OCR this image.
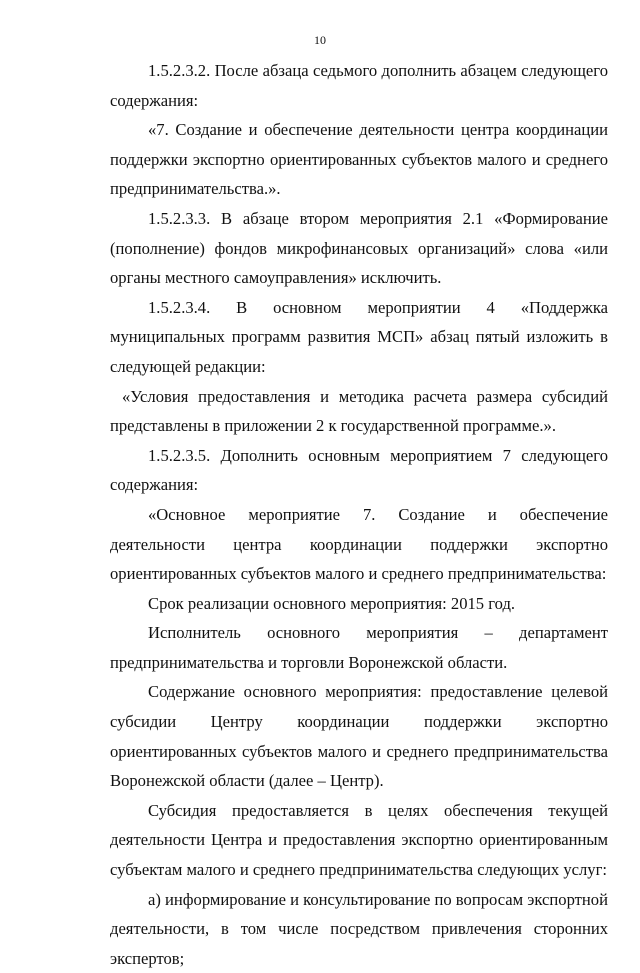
10

1.5.2.3.2. После абзаца седьмого дополнить абзацем следующего содержания:

«7. Создание и обеспечение деятельности центра координации поддержки экспортно ориентированных субъектов малого и среднего предпринимательства.».

1.5.2.3.3. В абзаце втором мероприятия 2.1 «Формирование (пополнение) фондов микрофинансовых организаций» слова «или органы местного самоуправления» исключить.

1.5.2.3.4. В основном мероприятии 4 «Поддержка муниципальных программ развития МСП» абзац пятый изложить в следующей редакции:

«Условия предоставления и методика расчета размера субсидий представлены в приложении 2 к государственной программе.».

1.5.2.3.5. Дополнить основным мероприятием 7 следующего содержания:

«Основное мероприятие 7. Создание и обеспечение деятельности центра координации поддержки экспортно ориентированных субъектов малого и среднего предпринимательства:

Срок реализации основного мероприятия: 2015 год.

Исполнитель основного мероприятия – департамент предпринимательства и торговли Воронежской области.

Содержание основного мероприятия: предоставление целевой субсидии Центру координации поддержки экспортно ориентированных субъектов малого и среднего предпринимательства Воронежской области (далее – Центр).

Субсидия предоставляется в целях обеспечения текущей деятельности Центра и предоставления экспортно ориентированным субъектам малого и среднего предпринимательства следующих услуг:

а) информирование и консультирование по вопросам экспортной деятельности, в том числе посредством привлечения сторонних экспертов;
